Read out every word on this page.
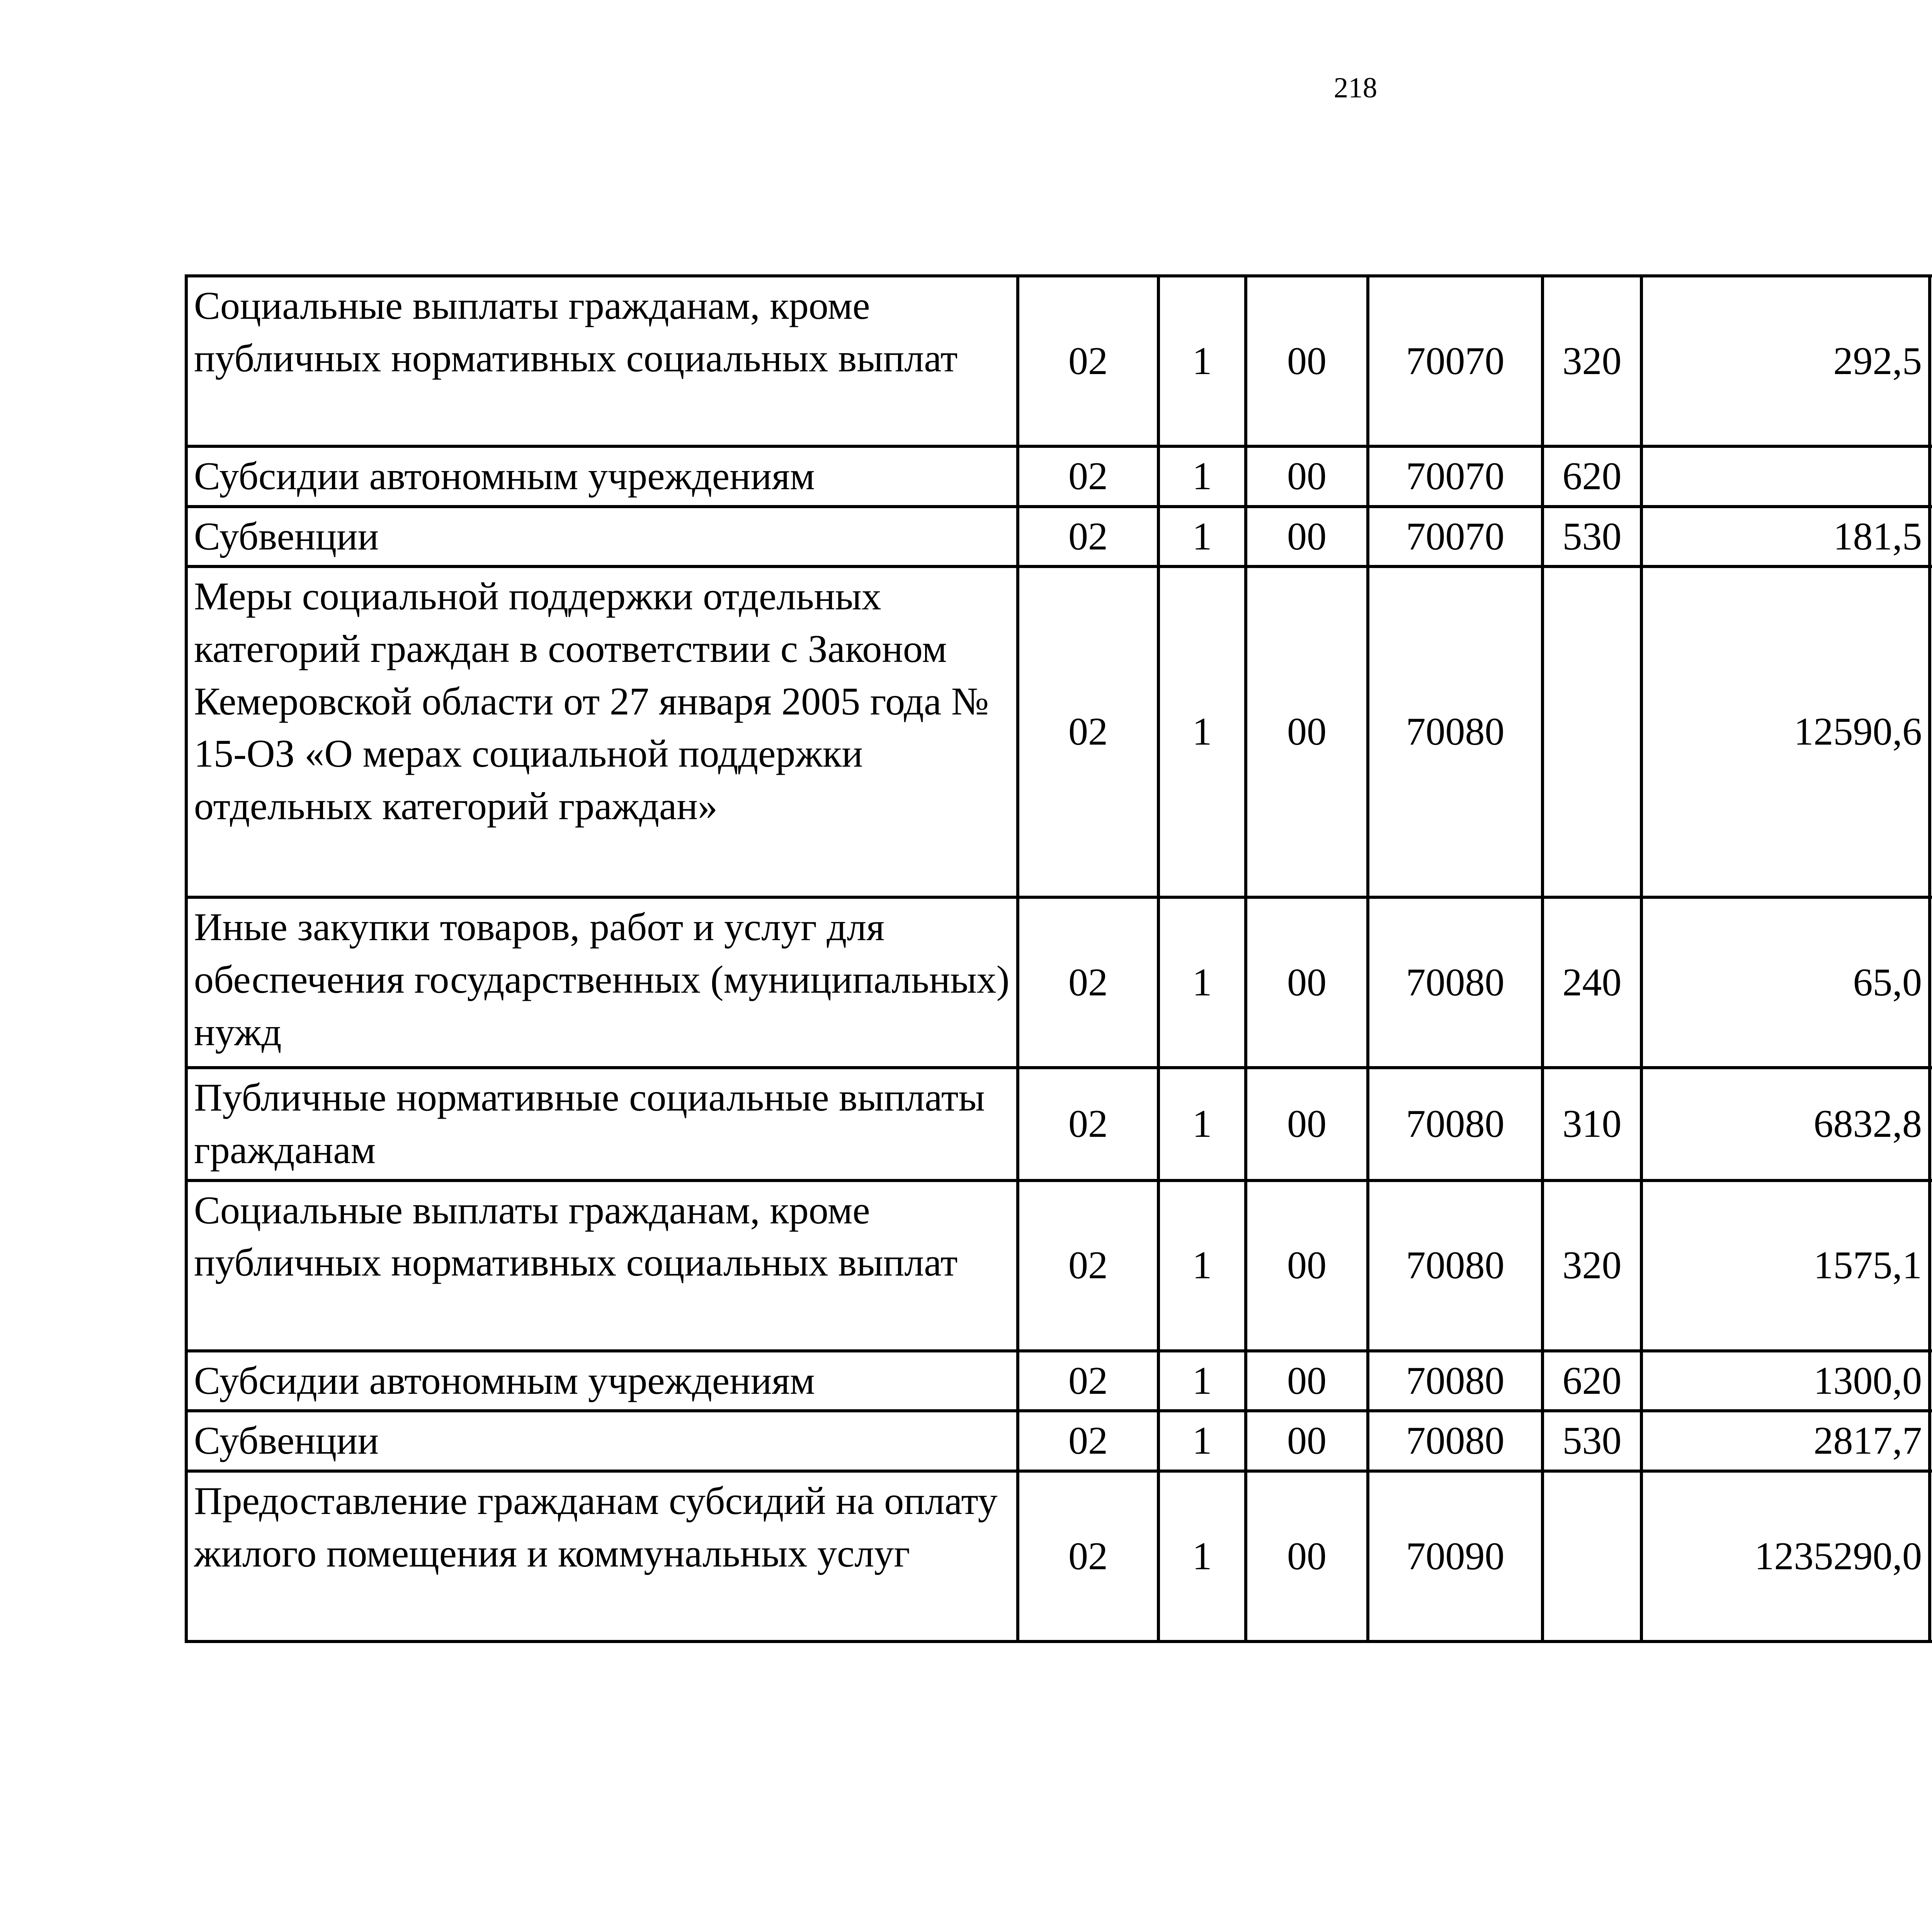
218
Социальные выплаты гражданам, кроме публичных нормативных социальных выплат	02	1	00	70070	320	292,5		
Субсидии автономным учреждениям	02	1	00	70070	620			
Субвенции	02	1	00	70070	530	181,5		
Меры социальной поддержки отдельных категорий граждан в соответствии с Законом Кемеровской области от 27 января 2005 года № 15-ОЗ «О мерах социальной поддержки отдельных категорий граждан»	02	1	00	70080		12590,6		
Иные закупки товаров, работ и услуг для обеспечения государственных (муниципальных) нужд	02	1	00	70080	240	65,0		
Публичные нормативные социальные выплаты гражданам	02	1	00	70080	310	6832,8		
Социальные выплаты гражданам, кроме публичных нормативных социальных выплат	02	1	00	70080	320	1575,1		
Субсидии автономным учреждениям	02	1	00	70080	620	1300,0		
Субвенции	02	1	00	70080	530	2817,7		
Предоставление гражданам субсидий на оплату жилого помещения и коммунальных услуг	02	1	00	70090		1235290,0		
